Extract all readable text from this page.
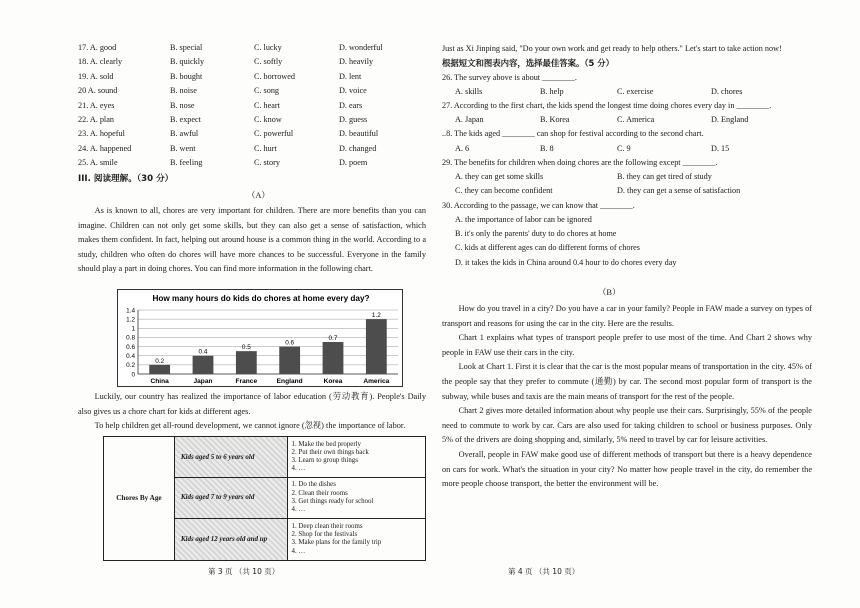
17. A. good	B. special	C. lucky	D. wonderful
18. A. clearly	B. quickly	C. softly	D. heavily
19. A. sold	B. bought	C. borrowed	D. lent
20 A. sound	B. noise	C. song	D. voice
21. A. eyes	B. nose	C. heart	D. ears
22. A. plan	B. expect	C. know	D. guess
23. A. hopeful	B. awful	C. powerful	D. beautiful
24. A. happened	B. went	C. hurt	D. changed
25. A. smile	B. feeling	C. story	D. poem
III. 阅读理解。（30 分）
（A）

As is known to all, chores are very important for children. There are more benefits than you can imagine. Children can not only get some skills, but they can also get a sense of satisfaction, which makes them confident. In fact, helping out around house is a common thing in the world. According to a study, children who often do chores will have more chances to be successful. Everyone in the family should play a part in doing chores. You can find more information in the following chart.

How many hours do kids do chores at home every day?
0
0.2
0.4
0.6
0.8
1
1.2
1.4
0.2
China
0.4
Japan
0.5
France
0.6
England
0.7
Korea
1.2
America

Luckily, our country has realized the importance of labor education (劳动教育). People's Daily also gives us a chore chart for kids at different ages.

To help children get all-round development, we cannot ignore (忽视) the importance of labor.

Chores By Age	Kids aged 5 to 6 years old	1. Make the bed properly
2. Put their own things back
3. Learn to group things
4. …

	Kids aged 7 to 9 years old	1. Do the dishes
2. Clean their rooms
3. Get things ready for school
4. …

	Kids aged 12 years old and up	1. Deep clean their rooms
2. Shop for the festivals
3. Make plans for the family trip
4. …
第 3 页 （共 10 页）
Just as Xi Jinping said, "Do your own work and get ready to help others." Let's start to take action now!
根据短文和图表内容，选择最佳答案。（5 分）
26. The survey above is about ________.
A. skills	B. help	C. exercise	D. chores
27. According to the first chart, the kids spend the longest time doing chores every day in ________.
A. Japan	B. Korea	C. America	D. England
..8. The kids aged ________ can shop for festival according to the second chart.
A. 6	B. 8	C. 9	D. 15
29. The benefits for children when doing chores are the following except ________.
A. they can get some skills	B. they can get tired of study
C. they can become confident	D. they can get a sense of satisfaction
30. According to the passage, we can know that ________.
A. the importance of labor can be ignored
B. it's only the parents' duty to do chores at home
C. kids at different ages can do different forms of chores
D. it takes the kids in China around 0.4 hour to do chores every day
（B）

How do you travel in a city? Do you have a car in your family? People in FAW made a survey on types of transport and reasons for using the car in the city. Here are the results.

Chart 1 explains what types of transport people prefer to use most of the time. And Chart 2 shows why people in FAW use their cars in the city.

Look at Chart 1. First it is clear that the car is the most popular means of transportation in the city. 45% of the people say that they prefer to commute (通勤) by car. The second most popular form of transport is the subway, while buses and taxis are the main means of transport for the rest of the people.

Chart 2 gives more detailed information about why people use their cars. Surprisingly, 55% of the people need to commute to work by car. Cars are also used for taking children to school or business purposes. Only 5% of the drivers are doing shopping and, similarly, 5% need to travel by car for leisure activities.

Overall, people in FAW make good use of different methods of transport but there is a heavy dependence on cars for work. What's the situation in your city? No matter how people travel in the city, do remember the more people choose transport, the better the environment will be.

第 4 页 （共 10 页）
